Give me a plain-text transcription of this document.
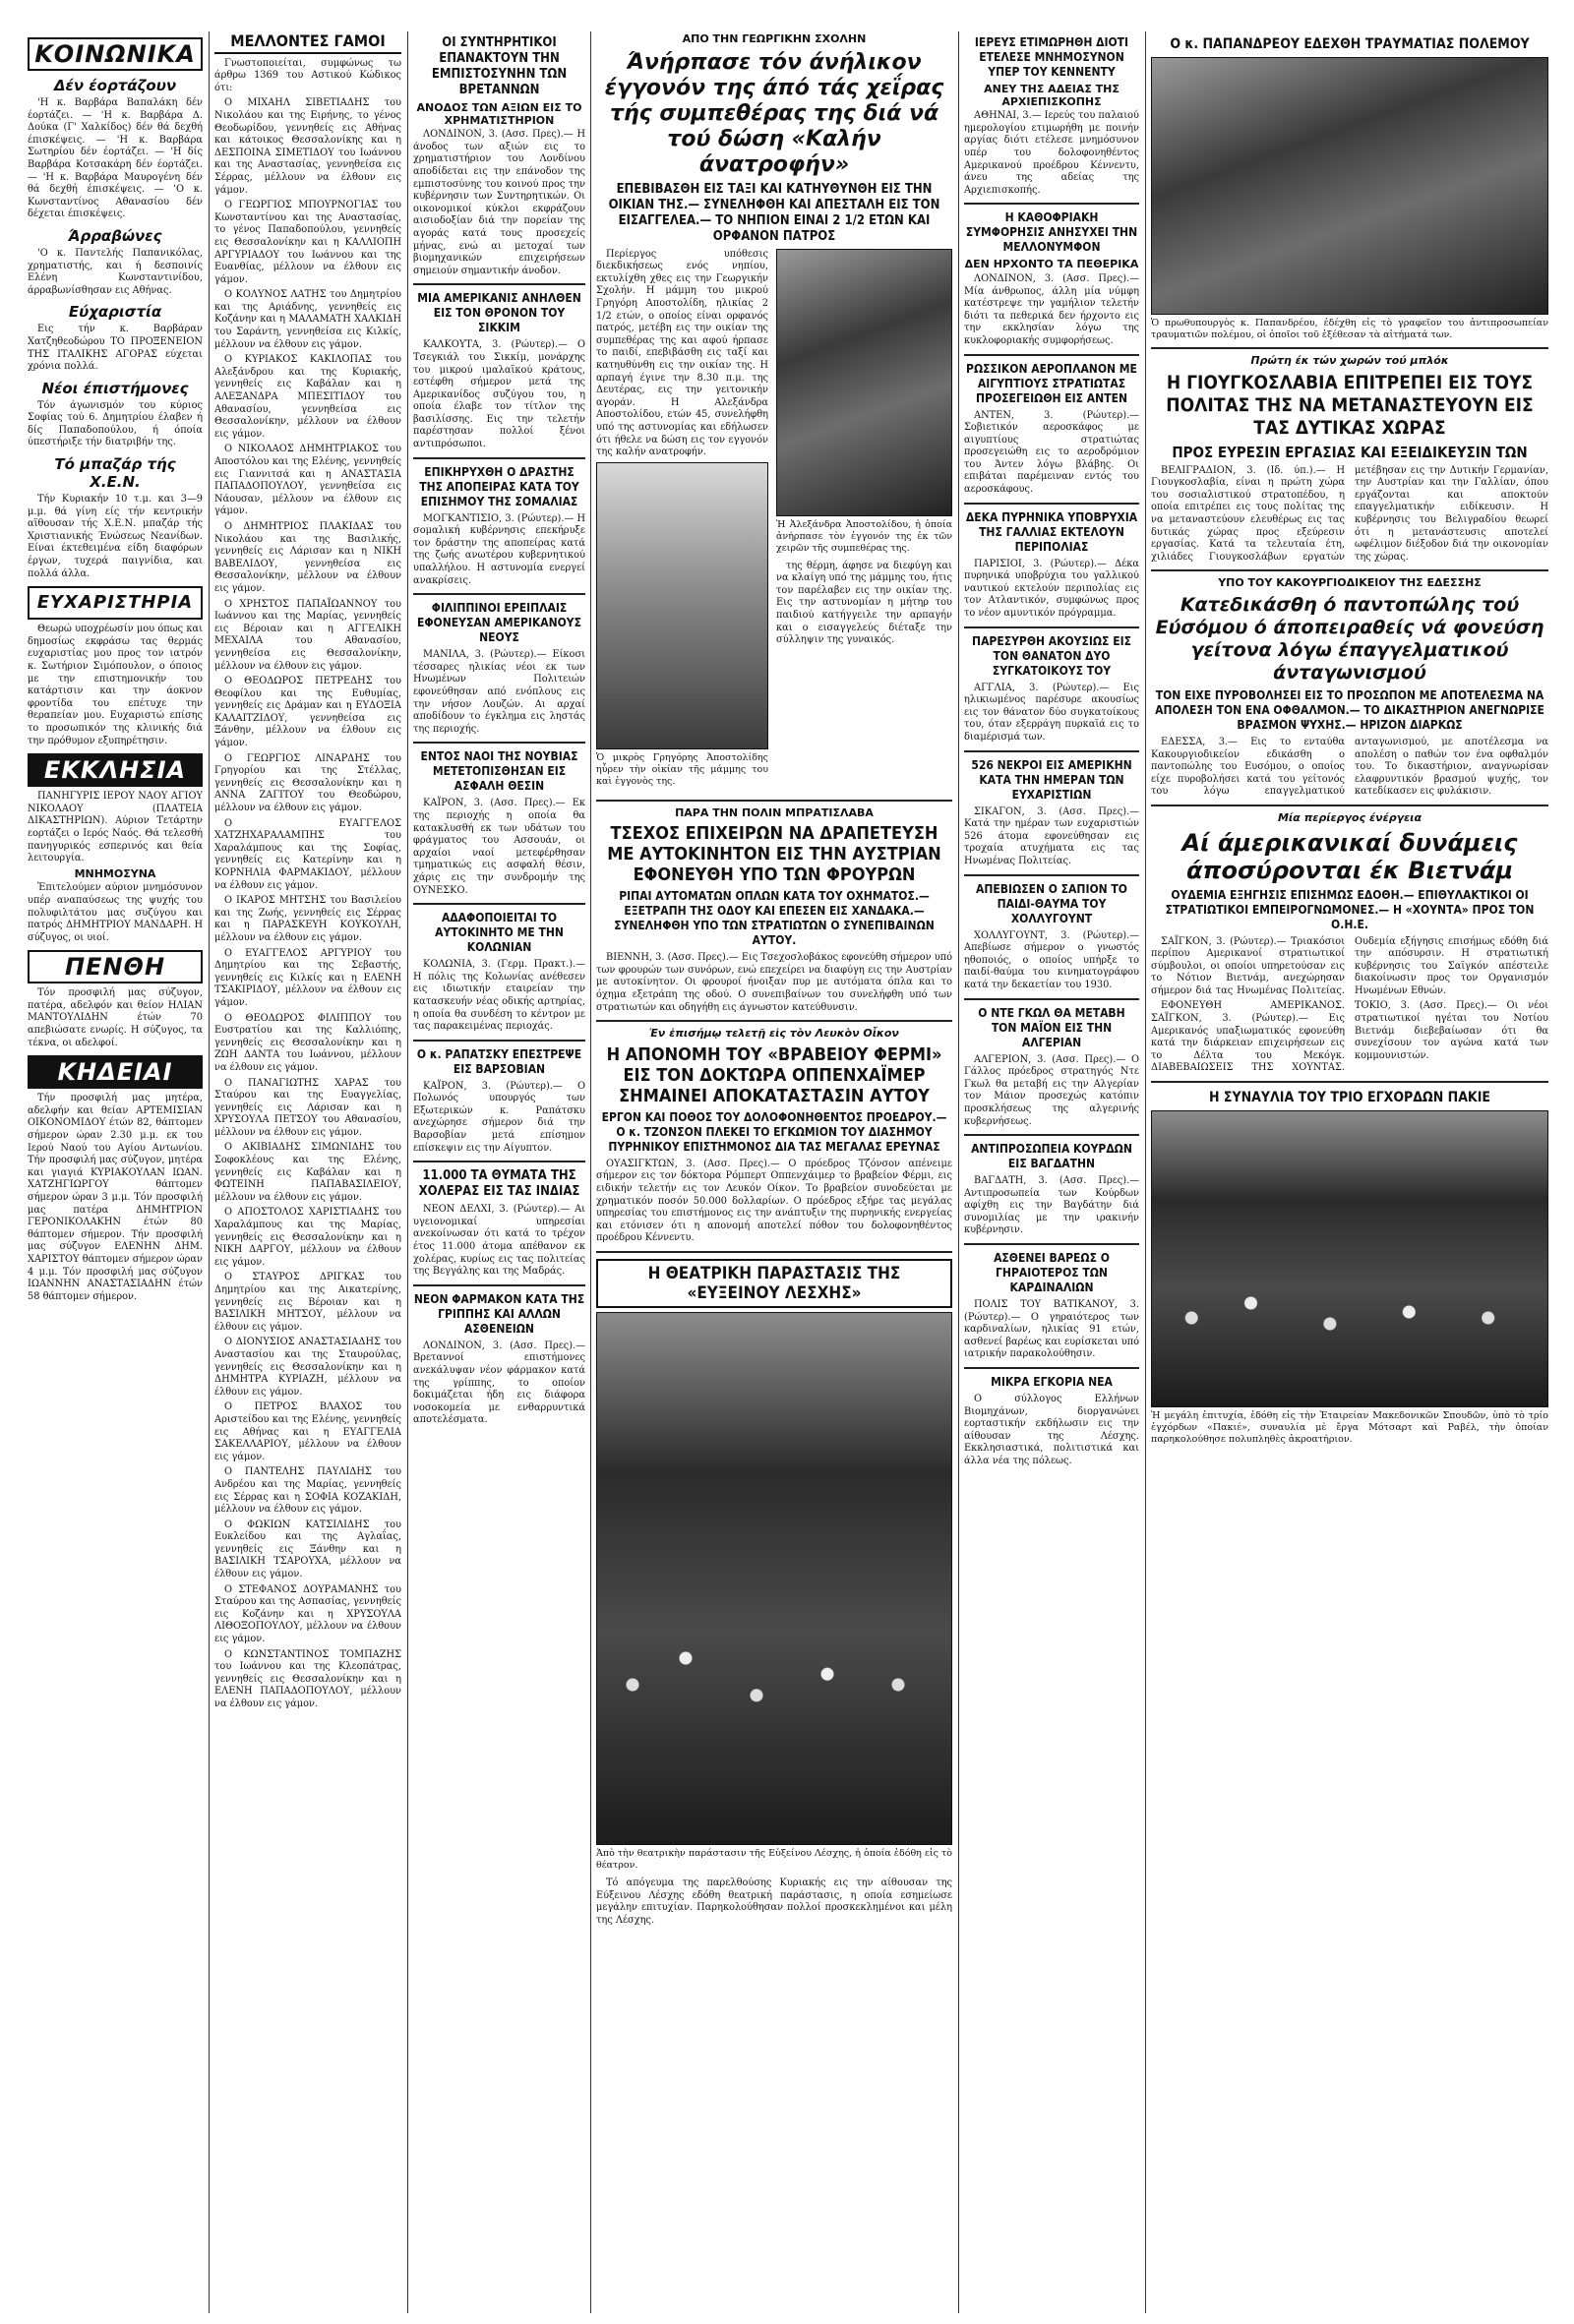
ΚΟΙΝΩΝΙΚΑ
Δέν έορτάζουν

'Η κ. Βαρβάρα Βαπαλάκη δέν έορτάζει. — 'Η κ. Βαρβάρα Δ. Δούκα (Γ' Χαλκίδος) δέν θά δεχθή έπισκέψεις. — 'Η κ. Βαρβάρα Σωτηρίου δέν έορτάζει. — 'Η δίς Βαρβάρα Κοτσακάρη δέν έορτάζει. — 'Η κ. Βαρβάρα Μαυρογένη δέν θά δεχθή έπισκέψεις. — 'Ο κ. Κωνσταντίνος Αθανασίου δέν δέχεται έπισκέψεις.

Άρραβώνες

'Ο κ. Παντελής Παπανικόλας, χρηματιστής, και ή δεσποινίς Ελένη Κωνσταντινίδου, άρραβωνίσθησαν εις Αθήνας.

Εύχαριστία

Εις τήν κ. Βαρβάραν Χατζηθεοδώρου ΤΟ ΠΡΟΞΕΝΕΙΟΝ ΤΗΣ ΙΤΑΛΙΚΗΣ ΑΓΟΡΑΣ εύχεται χρόνια πολλά.

Νέοι έπιστήμονες

Τόν άγωνισμόν του κύριος Σοφίας τού 6. Δημητρίου έλαβεν ή δίς Παπαδοπούλου, ή όποία ύπεστήριξε τήν διατριβήν της.

Τό μπαζάρ τής Χ.Ε.Ν.

Τήν Κυριακήν 10 τ.μ. και 3—9 μ.μ. θά γίνη είς τήν κεντρικήν αϊθουσαν τής Χ.Ε.Ν. μπαζάρ τής Χριστιανικής Ένώσεως Νεανίδων. Είναι έκτεθειμένα είδη διαφόρων έργων, τυχερά παιγνίδια, και πολλά άλλα.

ΕΥΧΑΡΙΣΤΗΡΙΑ

Θεωρώ υποχρέωσίν μου όπως και δημοσίως εκφράσω τας θερμάς ευχαριστίας μου προς τον ιατρόν κ. Σωτήριον Σιμόπουλον, ο όποιος με την επιστημονικήν του κατάρτισιν και την άοκνον φροντίδα του επέτυχε την θεραπείαν μου. Ευχαριστώ επίσης το προσωπικόν της κλινικής διά την πρόθυμον εξυπηρέτησιν.

ΕΚΚΛΗΣΙΑ

ΠΑΝΗΓΥΡΙΣ ΙΕΡΟΥ ΝΑΟΥ ΑΓΙΟΥ ΝΙΚΟΛΑΟΥ (ΠΛΑΤΕΙΑ ΔΙΚΑΣΤΗΡΙΩΝ). Αύριον Τετάρτην εορτάζει ο Ιερός Ναός. Θά τελεσθή πανηγυρικός εσπερινός και θεία λειτουργία.

ΜΝΗΜΟΣΥΝΑ

Ἐπιτελούμεν αύριον μνημόσυνον υπέρ αναπαύσεως της ψυχής του πολυφιλτάτου μας συζύγου και πατρός ΔΗΜΗΤΡΙΟΥ ΜΑΝΔΑΡΗ. Η σύζυγος, οι υιοί.

ΠΕΝΘΗ

Τόν προσφιλή μας σύζυγον, πατέρα, αδελφόν και θείον ΗΛΙΑΝ ΜΑΝΤΟΥΛΙΔΗΝ έτών 70 απεβιώσατε ενωρίς. Η σύζυγος, τα τέκνα, οι αδελφοί.

ΚΗΔΕΙΑΙ

Τήν προσφιλή μας μητέρα, αδελφήν και θείαν ΑΡΤΕΜΙΣΙΑΝ ΟΙΚΟΝΟΜΙΔΟΥ έτών 82, θάπτομεν σήμερον ώραν 2.30 μ.μ. εκ του Ιερού Ναού του Αγίου Αντωνίου. Τήν προσφιλή μας σύζυγον, μητέρα και γιαγιά ΚΥΡΙΑΚΟΥΛΑΝ ΙΩΑΝ. ΧΑΤΖΗΓΙΩΡΓΟΥ θάπτομεν σήμερον ώραν 3 μ.μ. Τόν προσφιλή μας πατέρα ΔΗΜΗΤΡΙΟΝ ΓΕΡΟΝΙΚΟΛΑΚΗΝ έτών 80 θάπτομεν σήμερον. Τήν προσφιλή μας σύζυγον ΕΛΕΝΗΝ ΔΗΜ. ΧΑΡΙΣΤΟΥ θάπτομεν σήμερον ώραν 4 μ.μ. Τόν προσφιλή μας σύζυγον ΙΩΑΝΝΗΝ ΑΝΑΣΤΑΣΙΑΔΗΝ έτών 58 θάπτομεν σήμερον.

ΜΕΛΛΟΝΤΕΣ ΓΑΜΟΙ

Γνωστοποιείται, συμφώνως τω άρθρω 1369 του Αστικού Κώδικος ότι:

Ο ΜΙΧΑΗΛ ΣΙΒΕΤΙΑΔΗΣ του Νικολάου και της Ειρήνης, το γένος Θεοδωρίδου, γεννηθείς εις Αθήνας και κάτοικος Θεσσαλονίκης και η ΔΕΣΠΟΙΝΑ ΣΙΜΕΤΙΔΟΥ του Ιωάννου και της Αναστασίας, γεννηθείσα εις Σέρρας, μέλλουν να έλθουν εις γάμον.

Ο ΓΕΩΡΓΙΟΣ ΜΠΟΥΡΝΟΓΙΑΣ του Κωνσταντίνου και της Αναστασίας, το γένος Παπαδοπούλου, γεννηθείς εις Θεσσαλονίκην και η ΚΑΛΛΙΟΠΗ ΑΡΓΥΡΙΑΔΟΥ του Ιωάννου και της Ευανθίας, μέλλουν να έλθουν εις γάμον.

Ο ΚΟΛΥΝΟΣ ΛΑΤΗΣ του Δημητρίου και της Αριάδνης, γεννηθείς εις Κοζάνην και η ΜΑΛΑΜΑΤΗ ΧΑΛΚΙΔΗ του Σαράντη, γεννηθείσα εις Κιλκίς, μέλλουν να έλθουν εις γάμον.

Ο ΚΥΡΙΑΚΟΣ ΚΑΚΙΛΟΠΑΣ του Αλεξάνδρου και της Κυριακής, γεννηθείς εις Καβάλαν και η ΑΛΕΞΑΝΔΡΑ ΜΠΕΣΙΤΙΔΟΥ του Αθανασίου, γεννηθείσα εις Θεσσαλονίκην, μέλλουν να έλθουν εις γάμον.

Ο ΝΙΚΟΛΑΟΣ ΔΗΜΗΤΡΙΑΚΟΣ του Αποστόλου και της Ελένης, γεννηθείς εις Γιαννιτσά και η ΑΝΑΣΤΑΣΙΑ ΠΑΠΑΔΟΠΟΥΛΟΥ, γεννηθείσα εις Νάουσαν, μέλλουν να έλθουν εις γάμον.

Ο ΔΗΜΗΤΡΙΟΣ ΠΛΑΚΙΔΑΣ του Νικολάου και της Βασιλικής, γεννηθείς εις Λάρισαν και η ΝΙΚΗ ΒΑΒΕΛΙΔΟΥ, γεννηθείσα εις Θεσσαλονίκην, μέλλουν να έλθουν εις γάμον.

Ο ΧΡΗΣΤΟΣ ΠΑΠΑΪΩΑΝΝΟΥ του Ιωάννου και της Μαρίας, γεννηθείς εις Βέροιαν και η ΑΓΓΕΛΙΚΗ ΜΕΧΑΙΛΑ του Αθανασίου, γεννηθείσα εις Θεσσαλονίκην, μέλλουν να έλθουν εις γάμον.

Ο ΘΕΟΔΩΡΟΣ ΠΕΤΡΕΔΗΣ του Θεοφίλου και της Ευθυμίας, γεννηθείς εις Δράμαν και η ΕΥΔΟΞΙΑ ΚΑΛΑΙΤΖΙΔΟΥ, γεννηθείσα εις Ξάνθην, μέλλουν να έλθουν εις γάμον.

Ο ΓΕΩΡΓΙΟΣ ΛΙΝΑΡΔΗΣ του Γρηγορίου και της Στέλλας, γεννηθείς εις Θεσσαλονίκην και η ΑΝΝΑ ΖΑΓΙΤΟΥ του Θεοδώρου, μέλλουν να έλθουν εις γάμον.

Ο ΕΥΑΓΓΕΛΟΣ ΧΑΤΖΗΧΑΡΑΛΑΜΠΗΣ του Χαραλάμπους και της Σοφίας, γεννηθείς εις Κατερίνην και η ΚΟΡΝΗΛΙΑ ΦΑΡΜΑΚΙΔΟΥ, μέλλουν να έλθουν εις γάμον.

Ο ΙΚΑΡΟΣ ΜΗΤΣΗΣ του Βασιλείου και της Ζωής, γεννηθείς εις Σέρρας και η ΠΑΡΑΣΚΕΥΗ ΚΟΥΚΟΥΛΗ, μέλλουν να έλθουν εις γάμον.

Ο ΕΥΑΓΓΕΛΟΣ ΑΡΓΥΡΙΟΥ του Δημητρίου και της Σεβαστής, γεννηθείς εις Κιλκίς και η ΕΛΕΝΗ ΤΣΑΚΙΡΙΔΟΥ, μέλλουν να έλθουν εις γάμον.

Ο ΘΕΟΔΩΡΟΣ ΦΙΛΙΠΠΟΥ του Ευστρατίου και της Καλλιόπης, γεννηθείς εις Θεσσαλονίκην και η ΖΩΗ ΔΑΝΤΑ του Ιωάννου, μέλλουν να έλθουν εις γάμον.

Ο ΠΑΝΑΓΙΩΤΗΣ ΧΑΡΑΣ του Σταύρου και της Ευαγγελίας, γεννηθείς εις Λάρισαν και η ΧΡΥΣΟΥΛΑ ΠΕΤΣΟΥ του Αθανασίου, μέλλουν να έλθουν εις γάμον.

Ο ΑΚΙΒΙΑΔΗΣ ΣΙΜΩΝΙΔΗΣ του Σοφοκλέους και της Ελένης, γεννηθείς εις Καβάλαν και η ΦΩΤΕΙΝΗ ΠΑΠΑΒΑΣΙΛΕΙΟΥ, μέλλουν να έλθουν εις γάμον.

Ο ΑΠΟΣΤΟΛΟΣ ΧΑΡΙΣΤΙΑΔΗΣ του Χαραλάμπους και της Μαρίας, γεννηθείς εις Θεσσαλονίκην και η ΝΙΚΗ ΔΑΡΓΟΥ, μέλλουν να έλθουν εις γάμον.

Ο ΣΤΑΥΡΟΣ ΔΡΙΓΚΑΣ του Δημητρίου και της Αικατερίνης, γεννηθείς εις Βέροιαν και η ΒΑΣΙΛΙΚΗ ΜΗΤΣΟΥ, μέλλουν να έλθουν εις γάμον.

Ο ΔΙΟΝΥΣΙΟΣ ΑΝΑΣΤΑΣΙΑΔΗΣ του Αναστασίου και της Σταυρούλας, γεννηθείς εις Θεσσαλονίκην και η ΔΗΜΗΤΡΑ ΚΥΡΙΑΖΗ, μέλλουν να έλθουν εις γάμον.

Ο ΠΕΤΡΟΣ ΒΛΑΧΟΣ του Αριστείδου και της Ελένης, γεννηθείς εις Αθήνας και η ΕΥΑΓΓΕΛΙΑ ΣΑΚΕΛΛΑΡΙΟΥ, μέλλουν να έλθουν εις γάμον.

Ο ΠΑΝΤΕΛΗΣ ΠΑΥΛΙΔΗΣ του Ανδρέου και της Μαρίας, γεννηθείς εις Σέρρας και η ΣΟΦΙΑ ΚΟΖΑΚΙΔΗ, μέλλουν να έλθουν εις γάμον.

Ο ΦΩΚΙΩΝ ΚΑΤΣΙΛΙΔΗΣ του Ευκλείδου και της Αγλαΐας, γεννηθείς εις Ξάνθην και η ΒΑΣΙΛΙΚΗ ΤΣΑΡΟΥΧΑ, μέλλουν να έλθουν εις γάμον.

Ο ΣΤΕΦΑΝΟΣ ΔΟΥΡΑΜΑΝΗΣ του Σταύρου και της Ασπασίας, γεννηθείς εις Κοζάνην και η ΧΡΥΣΟΥΛΑ ΛΙΘΟΞΟΠΟΥΛΟΥ, μέλλουν να έλθουν εις γάμον.

Ο ΚΩΝΣΤΑΝΤΙΝΟΣ ΤΟΜΠΑΖΗΣ του Ιωάννου και της Κλεοπάτρας, γεννηθείς εις Θεσσαλονίκην και η ΕΛΕΝΗ ΠΑΠΑΔΟΠΟΥΛΟΥ, μέλλουν να έλθουν εις γάμον.

ΟΙ ΣΥΝΤΗΡΗΤΙΚΟΙ ΕΠΑΝΑΚΤΟΥΝ ΤΗΝ ΕΜΠΙΣΤΟΣΥΝΗΝ ΤΩΝ ΒΡΕΤΑΝΝΩΝ
ΑΝΟΔΟΣ ΤΩΝ ΑΞΙΩΝ ΕΙΣ ΤΟ ΧΡΗΜΑΤΙΣΤΗΡΙΟΝ

ΛΟΝΔΙΝΟΝ, 3. (Ασσ. Πρες).— Η άνοδος των αξιών εις το χρηματιστήριον του Λονδίνου αποδίδεται εις την επάνοδον της εμπιστοσύνης του κοινού προς την κυβέρνησιν των Συντηρητικών. Οι οικονομικοί κύκλοι εκφράζουν αισιοδοξίαν διά την πορείαν της αγοράς κατά τους προσεχείς μήνας, ενώ αι μετοχαί των βιομηχανικών επιχειρήσεων σημειούν σημαντικήν άνοδον.

ΜΙΑ ΑΜΕΡΙΚΑΝΙΣ ΑΝΗΛΘΕΝ ΕΙΣ ΤΟΝ ΘΡΟΝΟΝ ΤΟΥ ΣΙΚΚΙΜ

ΚΑΛΚΟΥΤΑ, 3. (Ρώυτερ).— Ο Τσεγκιάλ του Σικκίμ, μονάρχης του μικρού ιμαλαϊκού κράτους, εστέφθη σήμερον μετά της Αμερικανίδος συζύγου του, η οποία έλαβε τον τίτλον της βασιλίσσης. Εις την τελετήν παρέστησαν πολλοί ξένοι αντιπρόσωποι.

ΕΠΙΚΗΡΥΧΘΗ Ο ΔΡΑΣΤΗΣ ΤΗΣ ΑΠΟΠΕΙΡΑΣ ΚΑΤΑ ΤΟΥ ΕΠΙΣΗΜΟΥ ΤΗΣ ΣΟΜΑΛΙΑΣ

ΜΟΓΚΑΝΤΙΣΙΟ, 3. (Ρώυτερ).— Η σομαλική κυβέρνησις επεκήρυξε τον δράστην της αποπείρας κατά της ζωής ανωτέρου κυβερνητικού υπαλλήλου. Η αστυνομία ενεργεί ανακρίσεις.

ΦΙΛΙΠΠΙΝΟΙ ΕΡΕΙΠΛΑΙΣ ΕΦΟΝΕΥΣΑΝ ΑΜΕΡΙΚΑΝΟΥΣ ΝΕΟΥΣ

ΜΑΝΙΛΑ, 3. (Ρώυτερ).— Είκοσι τέσσαρες ηλικίας νέοι εκ των Ηνωμένων Πολιτειών εφονεύθησαν από ενόπλους εις την νήσον Λουζών. Αι αρχαί αποδίδουν το έγκλημα εις ληστάς της περιοχής.

ΕΝΤΟΣ ΝΑΟΙ ΤΗΣ ΝΟΥΒΙΑΣ ΜΕΤΕΤΟΠΙΣΘΗΣΑΝ ΕΙΣ ΑΣΦΑΛΗ ΘΕΣΙΝ

ΚΑΪΡΟΝ, 3. (Ασσ. Πρες).— Εκ της περιοχής η οποία θα κατακλυσθή εκ των υδάτων του φράγματος του Ασσουάν, οι αρχαίοι ναοί μετεφέρθησαν τμηματικώς εις ασφαλή θέσιν, χάρις εις την συνδρομήν της ΟΥΝΕΣΚΟ.

ΑΔΑΦΟΠΟΙΕΙΤΑΙ ΤΟ ΑΥΤΟΚΙΝΗΤΟ ΜΕ ΤΗΝ ΚΟΛΩΝΙΑΝ

ΚΟΛΩΝΙΑ, 3. (Γερμ. Πρακτ.).— Η πόλις της Κολωνίας ανέθεσεν εις ιδιωτικήν εταιρείαν την κατασκευήν νέας οδικής αρτηρίας, η οποία θα συνδέση το κέντρον με τας παρακειμένας περιοχάς.

Ο κ. ΡΑΠΑΤΣΚΥ ΕΠΕΣΤΡΕΨΕ ΕΙΣ ΒΑΡΣΟΒΙΑΝ

ΚΑΪΡΟΝ, 3. (Ρώυτερ).— Ο Πολωνός υπουργός των Εξωτερικών κ. Ραπάτσκυ ανεχώρησε σήμερον διά την Βαρσοβίαν μετά επίσημον επίσκεψιν εις την Αίγυπτον.

11.000 ΤΑ ΘΥΜΑΤΑ ΤΗΣ ΧΟΛΕΡΑΣ ΕΙΣ ΤΑΣ ΙΝΔΙΑΣ

ΝΕΟΝ ΔΕΛΧΙ, 3. (Ρώυτερ).— Αι υγειονομικαί υπηρεσίαι ανεκοίνωσαν ότι κατά το τρέχον έτος 11.000 άτομα απέθανον εκ χολέρας, κυρίως εις τας πολιτείας της Βεγγάλης και της Μαδράς.

ΝΕΟΝ ΦΑΡΜΑΚΟΝ ΚΑΤΑ ΤΗΣ ΓΡΙΠΠΗΣ ΚΑΙ ΑΛΛΩΝ ΑΣΘΕΝΕΙΩΝ

ΛΟΝΔΙΝΟΝ, 3. (Ασσ. Πρες).— Βρεταννοί επιστήμονες ανεκάλυψαν νέον φάρμακον κατά της γρίππης, το οποίον δοκιμάζεται ήδη εις διάφορα νοσοκομεία με ενθαρρυντικά αποτελέσματα.

ΑΠΟ ΤΗΝ ΓΕΩΡΓΙΚΗΝ ΣΧΟΛΗΝ
Άνήρπασε τόν άνήλικον έγγονόν της άπό τάς χεΐρας τής συμπεθέρας της διά νά τού δώση «Καλήν άνατροφήν»
ΕΠΕΒΙΒΑΣΘΗ ΕΙΣ ΤΑΞΙ ΚΑΙ ΚΑΤΗΥΘΥΝΘΗ ΕΙΣ ΤΗΝ ΟΙΚΙΑΝ ΤΗΣ.— ΣΥΝΕΛΗΦΘΗ ΚΑΙ ΑΠΕΣΤΑΛΗ ΕΙΣ ΤΟΝ ΕΙΣΑΓΓΕΛΕΑ.— ΤΟ ΝΗΠΙΟΝ ΕΙΝΑΙ 2 1/2 ΕΤΩΝ ΚΑΙ ΟΡΦΑΝΟΝ ΠΑΤΡΟΣ

Περίεργος υπόθεσις διεκδικήσεως ενός νηπίου, εκτυλίχθη χθες εις την Γεωργικήν Σχολήν. Η μάμμη του μικρού Γρηγόρη Αποστολίδη, ηλικίας 2 1/2 ετών, ο οποίος είναι ορφανός πατρός, μετέβη εις την οικίαν της συμπεθέρας της και αφού ήρπασε το παιδί, επεβιβάσθη εις ταξί και κατηυθύνθη εις την οικίαν της. Η αρπαγή έγινε την 8.30 π.μ. της Δευτέρας, εις την γειτονικήν αγοράν. Η Αλεξάνδρα Αποστολίδου, ετών 45, συνελήφθη υπό της αστυνομίας και εδήλωσεν ότι ήθελε να δώση εις τον εγγονόν της καλήν ανατροφήν.

Ὁ μικρὸς Γρηγόρης Ἀποστολίδης ηὗρεν τὴν οἰκίαν τῆς μάμμης του καὶ ἐγγονὸς της.

Ἡ Ἀλεξάνδρα Ἀποστολίδου, ἡ ὁποία ἀνήρπασε τὸν ἐγγονόν της ἐκ τῶν χειρῶν τῆς συμπεθέρας της.

της θέρμη, άφησε να διεφύγη και να κλαίγη υπό της μάμμης του, ήτις τον παρέλαβεν εις την οικίαν της. Εις την αστυνομίαν η μήτηρ του παιδιού κατήγγειλε την αρπαγήν και ο εισαγγελεύς διέταξε την σύλληψιν της γυναικός.

ΠΑΡΑ ΤΗΝ ΠΟΛΙΝ ΜΠΡΑΤΙΣΛΑΒΑ
ΤΣΕΧΟΣ ΕΠΙΧΕΙΡΩΝ ΝΑ ΔΡΑΠΕΤΕΥΣΗ ΜΕ ΑΥΤΟΚΙΝΗΤΟΝ ΕΙΣ ΤΗΝ ΑΥΣΤΡΙΑΝ ΕΦΟΝΕΥΘΗ ΥΠΟ ΤΩΝ ΦΡΟΥΡΩΝ
ΡΙΠΑΙ ΑΥΤΟΜΑΤΩΝ ΟΠΛΩΝ ΚΑΤΑ ΤΟΥ ΟΧΗΜΑΤΟΣ.— ΕΞΕΤΡΑΠΗ ΤΗΣ ΟΔΟΥ ΚΑΙ ΕΠΕΣΕΝ ΕΙΣ ΧΑΝΔΑΚΑ.— ΣΥΝΕΛΗΦΘΗ ΥΠΟ ΤΩΝ ΣΤΡΑΤΙΩΤΩΝ Ο ΣΥΝΕΠΙΒΑΙΝΩΝ ΑΥΤΟΥ.

ΒΙΕΝΝΗ, 3. (Ασσ. Πρες).— Εις Τσεχοσλοβάκος εφονεύθη σήμερον υπό των φρουρών των συνόρων, ενώ επεχείρει να διαφύγη εις την Αυστρίαν με αυτοκίνητον. Οι φρουροί ήνοιξαν πυρ με αυτόματα όπλα και το όχημα εξετράπη της οδού. Ο συνεπιβαίνων του συνελήφθη υπό των στρατιωτών και οδηγήθη εις άγνωστον κατεύθυνσιν.

Ἐν ἐπισήμῳ τελετῇ εἰς τὸν Λευκὸν Οἶκον
Η ΑΠΟΝΟΜΗ ΤΟΥ «ΒΡΑΒΕΙΟΥ ΦΕΡΜΙ» ΕΙΣ ΤΟΝ ΔΟΚΤΩΡΑ ΟΠΠΕΝΧΑΪΜΕΡ ΣΗΜΑΙΝΕΙ ΑΠΟΚΑΤΑΣΤΑΣΙΝ ΑΥΤΟΥ
ΕΡΓΟΝ ΚΑΙ ΠΟΘΟΣ ΤΟΥ ΔΟΛΟΦΟΝΗΘΕΝΤΟΣ ΠΡΟΕΔΡΟΥ.— Ο κ. ΤΖΟΝΣΟΝ ΠΛΕΚΕΙ ΤΟ ΕΓΚΩΜΙΟΝ ΤΟΥ ΔΙΑΣΗΜΟΥ ΠΥΡΗΝΙΚΟΥ ΕΠΙΣΤΗΜΟΝΟΣ ΔΙΑ ΤΑΣ ΜΕΓΑΛΑΣ ΕΡΕΥΝΑΣ

ΟΥΑΣΙΓΚΤΩΝ, 3. (Ασσ. Πρες).— Ο πρόεδρος Τζόνσον απένειμε σήμερον εις τον δόκτορα Ρόμπερτ Οππενχάιμερ το βραβείον Φέρμι, εις ειδικήν τελετήν εις τον Λευκόν Οίκον. Το βραβείον συνοδεύεται με χρηματικόν ποσόν 50.000 δολλαρίων. Ο πρόεδρος εξήρε τας μεγάλας υπηρεσίας του επιστήμονος εις την ανάπτυξιν της πυρηνικής ενεργείας και ετόνισεν ότι η απονομή αποτελεί πόθον του δολοφονηθέντος προέδρου Κέννεντυ.

Η ΘΕΑΤΡΙΚΗ ΠΑΡΑΣΤΑΣΙΣ ΤΗΣ «ΕΥΞΕΙΝΟΥ ΛΕΣΧΗΣ»

Ἀπὸ τὴν θεατρικὴν παράστασιν τῆς Εὐξείνου Λέσχης, ἡ ὁποία ἐδόθη εἰς τὸ θέατρον.

Τό απόγευμα της παρελθούσης Κυριακής εις την αίθουσαν της Εύξεινου Λέσχης εδόθη θεατρική παράστασις, η οποία εσημείωσε μεγάλην επιτυχίαν. Παρηκολούθησαν πολλοί προσκεκλημένοι και μέλη της Λέσχης.

ΙΕΡΕΥΣ ΕΤΙΜΩΡΗΘΗ ΔΙΟΤΙ ΕΤΕΛΕΣΕ ΜΝΗΜΟΣΥΝΟΝ ΥΠΕΡ ΤΟΥ ΚΕΝΝΕΝΤΥ
ΑΝΕΥ ΤΗΣ ΑΔΕΙΑΣ ΤΗΣ ΑΡΧΙΕΠΙΣΚΟΠΗΣ

ΑΘΗΝΑΙ, 3.— Ιερεύς του παλαιού ημερολογίου ετιμωρήθη με ποινήν αργίας διότι ετέλεσε μνημόσυνον υπέρ του δολοφονηθέντος Αμερικανού προέδρου Κέννεντυ, άνευ της αδείας της Αρχιεπισκοπής.

Η ΚΑΘΟΦΡΙΑΚΗ ΣΥΜΦΟΡΗΣΙΣ ΑΝΗΣΥΧΕΙ ΤΗΝ ΜΕΛΛΟΝΥΜΦΟΝ
ΔΕΝ ΗΡΧΟΝΤΟ ΤΑ ΠΕΘΕΡΙΚΑ

ΛΟΝΔΙΝΟΝ, 3. (Ασσ. Πρες).— Μία άνθρωπος, άλλη μία νύμφη κατέστρεψε την γαμήλιον τελετήν διότι τα πεθερικά δεν ήρχοντο εις την εκκλησίαν λόγω της κυκλοφοριακής συμφορήσεως.

ΡΩΣΣΙΚΟΝ ΑΕΡΟΠΛΑΝΟΝ ΜΕ ΑΙΓΥΠΤΙΟΥΣ ΣΤΡΑΤΙΩΤΑΣ ΠΡΟΣΕΓΕΙΩΘΗ ΕΙΣ ΑΝΤΕΝ

ΑΝΤΕΝ, 3. (Ρώυτερ).— Σοβιετικόν αεροσκάφος με αιγυπτίους στρατιώτας προσεγειώθη εις το αεροδρόμιον του Άντεν λόγω βλάβης. Οι επιβάται παρέμειναν εντός του αεροσκάφους.

ΔΕΚΑ ΠΥΡΗΝΙΚΑ ΥΠΟΒΡΥΧΙΑ ΤΗΣ ΓΑΛΛΙΑΣ ΕΚΤΕΛΟΥΝ ΠΕΡΙΠΟΛΙΑΣ

ΠΑΡΙΣΙΟΙ, 3. (Ρώυτερ).— Δέκα πυρηνικά υποβρύχια του γαλλικού ναυτικού εκτελούν περιπολίας εις τον Ατλαντικόν, συμφώνως προς το νέον αμυντικόν πρόγραμμα.

ΠΑΡΕΣΥΡΘΗ ΑΚΟΥΣΙΩΣ ΕΙΣ ΤΟΝ ΘΑΝΑΤΟΝ ΔΥΟ ΣΥΓΚΑΤΟΙΚΟΥΣ ΤΟΥ

ΑΓΓΛΙΑ, 3. (Ρώυτερ).— Εις ηλικιωμένος παρέσυρε ακουσίως εις τον θάνατον δύο συγκατοίκους του, όταν εξερράγη πυρκαϊά εις το διαμέρισμά των.

526 ΝΕΚΡΟΙ ΕΙΣ ΑΜΕΡΙΚΗΝ ΚΑΤΑ ΤΗΝ ΗΜΕΡΑΝ ΤΩΝ ΕΥΧΑΡΙΣΤΙΩΝ

ΣΙΚΑΓΟΝ, 3. (Ασσ. Πρες).— Κατά την ημέραν των ευχαριστιών 526 άτομα εφονεύθησαν εις τροχαία ατυχήματα εις τας Ηνωμένας Πολιτείας.

ΑΠΕΒΙΩΣΕΝ Ο ΣΑΠΙΟΝ ΤΟ ΠΑΙΔΙ-ΘΑΥΜΑ ΤΟΥ ΧΟΛΛΥΓΟΥΝΤ

ΧΟΛΛΥΓΟΥΝΤ, 3. (Ρώυτερ).— Απεβίωσε σήμερον ο γνωστός ηθοποιός, ο οποίος υπήρξε το παιδί-θαύμα του κινηματογράφου κατά την δεκαετίαν του 1930.

Ο ΝΤΕ ΓΚΩΛ ΘΑ ΜΕΤΑΒΗ ΤΟΝ ΜΑΪΟΝ ΕΙΣ ΤΗΝ ΑΛΓΕΡΙΑΝ

ΑΛΓΕΡΙΟΝ, 3. (Ασσ. Πρες).— Ο Γάλλος πρόεδρος στρατηγός Ντε Γκωλ θα μεταβή εις την Αλγερίαν τον Μάιον προσεχώς κατόπιν προσκλήσεως της αλγερινής κυβερνήσεως.

ΑΝΤΙΠΡΟΣΩΠΕΙΑ ΚΟΥΡΔΩΝ ΕΙΣ ΒΑΓΔΑΤΗΝ

ΒΑΓΔΑΤΗ, 3. (Ασσ. Πρες).— Αντιπροσωπεία των Κούρδων αφίχθη εις την Βαγδάτην διά συνομιλίας με την ιρακινήν κυβέρνησιν.

ΑΣΘΕΝΕΙ ΒΑΡΕΩΣ Ο ΓΗΡΑΙΟΤΕΡΟΣ ΤΩΝ ΚΑΡΔΙΝΑΛΙΩΝ

ΠΟΛΙΣ ΤΟΥ ΒΑΤΙΚΑΝΟΥ, 3. (Ρώυτερ).— Ο γηραιότερος των καρδιναλίων, ηλικίας 91 ετών, ασθενεί βαρέως και ευρίσκεται υπό ιατρικήν παρακολούθησιν.

ΜΙΚΡΑ ΕΓΚΟΡΙΑ ΝΕΑ

Ο σύλλογος Ελλήνων Βιομηχάνων, διοργανώνει εορταστικήν εκδήλωσιν εις την αίθουσαν της Λέσχης. Εκκλησιαστικά, πολιτιστικά και άλλα νέα της πόλεως.

Ο κ. ΠΑΠΑΝΔΡΕΟΥ ΕΔΕΧΘΗ ΤΡΑΥΜΑΤΙΑΣ ΠΟΛΕΜΟΥ

Ὁ πρωθυπουργὸς κ. Παπανδρέου, ἐδέχθη εἰς τὸ γραφεῖον του ἀντιπροσωπείαν τραυματιῶν πολέμου, οἱ ὁποῖοι τοῦ ἐξέθεσαν τὰ αἰτήματά των.

Πρώτη έκ τών χωρών τού μπλόκ
Η ΓΙΟΥΓΚΟΣΛΑΒΙΑ ΕΠΙΤΡΕΠΕΙ ΕΙΣ ΤΟΥΣ ΠΟΛΙΤΑΣ ΤΗΣ ΝΑ ΜΕΤΑΝΑΣΤΕΥΟΥΝ ΕΙΣ ΤΑΣ ΔΥΤΙΚΑΣ ΧΩΡΑΣ
ΠΡΟΣ ΕΥΡΕΣΙΝ ΕΡΓΑΣΙΑΣ ΚΑΙ ΕΞΕΙΔΙΚΕΥΣΙΝ ΤΩΝ

ΒΕΛΙΓΡΑΔΙΟΝ, 3. (Ιδ. ύπ.).— Η Γιουγκοσλαβία, είναι η πρώτη χώρα του σοσιαλιστικού στρατοπέδου, η οποία επιτρέπει εις τους πολίτας της να μεταναστεύουν ελευθέρως εις τας δυτικάς χώρας προς εξεύρεσιν εργασίας. Κατά τα τελευταία έτη, χιλιάδες Γιουγκοσλάβων εργατών μετέβησαν εις την Δυτικήν Γερμανίαν, την Αυστρίαν και την Γαλλίαν, όπου εργάζονται και αποκτούν επαγγελματικήν ειδίκευσιν. Η κυβέρνησις του Βελιγραδίου θεωρεί ότι η μετανάστευσις αποτελεί ωφέλιμον διέξοδον διά την οικονομίαν της χώρας.

ΥΠΟ ΤΟΥ ΚΑΚΟΥΡΓΙΟΔΙΚΕΙΟΥ ΤΗΣ ΕΔΕΣΣΗΣ
Κατεδικάσθη ό παντοπώλης τού Εύσόμου ό άποπειραθείς νά φονεύση γείτονα λόγω έπαγγελματικού άνταγωνισμού
ΤΟΝ ΕΙΧΕ ΠΥΡΟΒΟΛΗΣΕΙ ΕΙΣ ΤΟ ΠΡΟΣΩΠΟΝ ΜΕ ΑΠΟΤΕΛΕΣΜΑ ΝΑ ΑΠΟΛΕΣΗ ΤΟΝ ΕΝΑ ΟΦΘΑΛΜΟΝ.— ΤΟ ΔΙΚΑΣΤΗΡΙΟΝ ΑΝΕΓΝΩΡΙΣΕ ΒΡΑΣΜΟΝ ΨΥΧΗΣ.— ΗΡΙΖΟΝ ΔΙΑΡΚΩΣ

ΕΔΕΣΣΑ, 3.— Εις το ενταύθα Κακουργιοδικείον εδικάσθη ο παντοπώλης του Ευσόμου, ο οποίος είχε πυροβολήσει κατά του γείτονός του λόγω επαγγελματικού ανταγωνισμού, με αποτέλεσμα να απολέση ο παθών τον ένα οφθαλμόν του. Το δικαστήριον, αναγνωρίσαν ελαφρυντικόν βρασμού ψυχής, τον κατεδίκασεν εις φυλάκισιν.

Μία περίεργος ένέργεια
Αί άμερικανικαί δυνάμεις άποσύρονται έκ Βιετνάμ
ΟΥΔΕΜΙΑ ΕΞΗΓΗΣΙΣ ΕΠΙΣΗΜΩΣ ΕΔΟΘΗ.— ΕΠΙΘΥΛΑΚΤΙΚΟΙ ΟΙ ΣΤΡΑΤΙΩΤΙΚΟΙ ΕΜΠΕΙΡΟΓΝΩΜΟΝΕΣ.— Η «ΧΟΥΝΤΑ» ΠΡΟΣ ΤΟΝ Ο.Η.Ε.

ΣΑΪΓΚΟΝ, 3. (Ρώυτερ).— Τριακόσιοι περίπου Αμερικανοί στρατιωτικοί σύμβουλοι, οι οποίοι υπηρετούσαν εις το Νότιον Βιετνάμ, ανεχώρησαν σήμερον διά τας Ηνωμένας Πολιτείας. Ουδεμία εξήγησις επισήμως εδόθη διά την απόσυρσιν. Η στρατιωτική κυβέρνησις του Σαϊγκόν απέστειλε διακοίνωσιν προς τον Οργανισμόν Ηνωμένων Εθνών.

ΕΦΟΝΕΥΘΗ ΑΜΕΡΙΚΑΝΟΣ. ΣΑΪΓΚΟΝ, 3. (Ρώυτερ).— Εις Αμερικανός υπαξιωματικός εφονεύθη κατά την διάρκειαν επιχειρήσεων εις το Δέλτα του Μεκόγκ. ΔΙΑΒΕΒΑΙΩΣΕΙΣ ΤΗΣ ΧΟΥΝΤΑΣ. ΤΟΚΙΟ, 3. (Ασσ. Πρες).— Οι νέοι στρατιωτικοί ηγέται του Νοτίου Βιετνάμ διεβεβαίωσαν ότι θα συνεχίσουν τον αγώνα κατά των κομμουνιστών.

Η ΣΥΝΑΥΛΙΑ ΤΟΥ ΤΡΙΟ ΕΓΧΟΡΔΩΝ ΠΑΚΙΕ

Ἡ μεγάλη ἐπιτυχία, ἐδόθη εἰς τὴν Ἑταιρείαν Μακεδονικῶν Σπουδῶν, ὑπὸ τὸ τρίο ἐγχόρδων «Πακιέ», συναυλία μὲ ἔργα Μότσαρτ καὶ Ραβέλ, τὴν ὁποίαν παρηκολούθησε πολυπληθὲς ἀκροατήριον.
